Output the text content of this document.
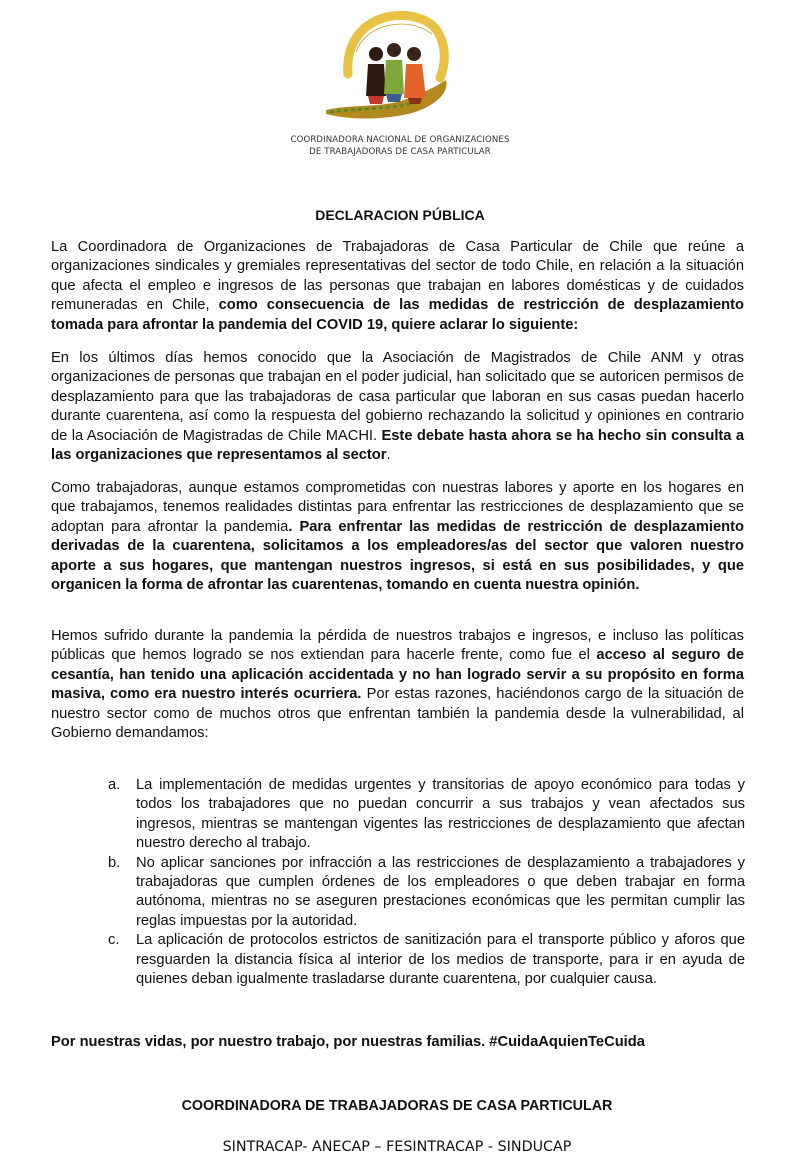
COORDINADORA NACIONAL DE ORGANIZACIONES
DE TRABAJADORAS DE CASA PARTICULAR
DECLARACION PÚBLICA

La Coordinadora de Organizaciones de Trabajadoras de Casa Particular de Chile que reúne a organizaciones sindicales y gremiales representativas del sector de todo Chile, en relación a la situación que afecta el empleo e ingresos de las personas que trabajan en labores domésticas y de cuidados remuneradas en Chile, como consecuencia de las medidas de restricción de desplazamiento tomada para afrontar la pandemia del COVID 19, quiere aclarar lo siguiente:

En los últimos días hemos conocido que la Asociación de Magistrados de Chile ANM y otras organizaciones de personas que trabajan en el poder judicial, han solicitado que se autoricen permisos de desplazamiento para que las trabajadoras de casa particular que laboran en sus casas puedan hacerlo durante cuarentena, así como la respuesta del gobierno rechazando la solicitud y opiniones en contrario de la Asociación de Magistradas de Chile MACHI. Este debate hasta ahora se ha hecho sin consulta a las organizaciones que representamos al sector.

Como trabajadoras, aunque estamos comprometidas con nuestras labores y aporte en los hogares en que trabajamos, tenemos realidades distintas para enfrentar las restricciones de desplazamiento que se adoptan para afrontar la pandemia. Para enfrentar las medidas de restricción de desplazamiento derivadas de la cuarentena, solicitamos a los empleadores/as del sector que valoren nuestro aporte a sus hogares, que mantengan nuestros ingresos, si está en sus posibilidades, y que organicen la forma de afrontar las cuarentenas, tomando en cuenta nuestra opinión.

Hemos sufrido durante la pandemia la pérdida de nuestros trabajos e ingresos, e incluso las políticas públicas que hemos logrado se nos extiendan para hacerle frente, como fue el acceso al seguro de cesantía, han tenido una aplicación accidentada y no han logrado servir a su propósito en forma masiva, como era nuestro interés ocurriera. Por estas razones, haciéndonos cargo de la situación de nuestro sector como de muchos otros que enfrentan también la pandemia desde la vulnerabilidad, al Gobierno demandamos:

a. La implementación de medidas urgentes y transitorias de apoyo económico para todas y todos los trabajadores que no puedan concurrir a sus trabajos y vean afectados sus ingresos, mientras se mantengan vigentes las restricciones de desplazamiento que afectan nuestro derecho al trabajo.
b. No aplicar sanciones por infracción a las restricciones de desplazamiento a trabajadores y trabajadoras que cumplen órdenes de los empleadores o que deben trabajar en forma autónoma, mientras no se aseguren prestaciones económicas que les permitan cumplir las reglas impuestas por la autoridad.
c. La aplicación de protocolos estrictos de sanitización para el transporte público y aforos que resguarden la distancia física al interior de los medios de transporte, para ir en ayuda de quienes deban igualmente trasladarse durante cuarentena, por cualquier causa.
Por nuestras vidas, por nuestro trabajo, por nuestras familias. #CuidaAquienTeCuida
COORDINADORA DE TRABAJADORAS DE CASA PARTICULAR
SINTRACAP- ANECAP – FESINTRACAP - SINDUCAP
